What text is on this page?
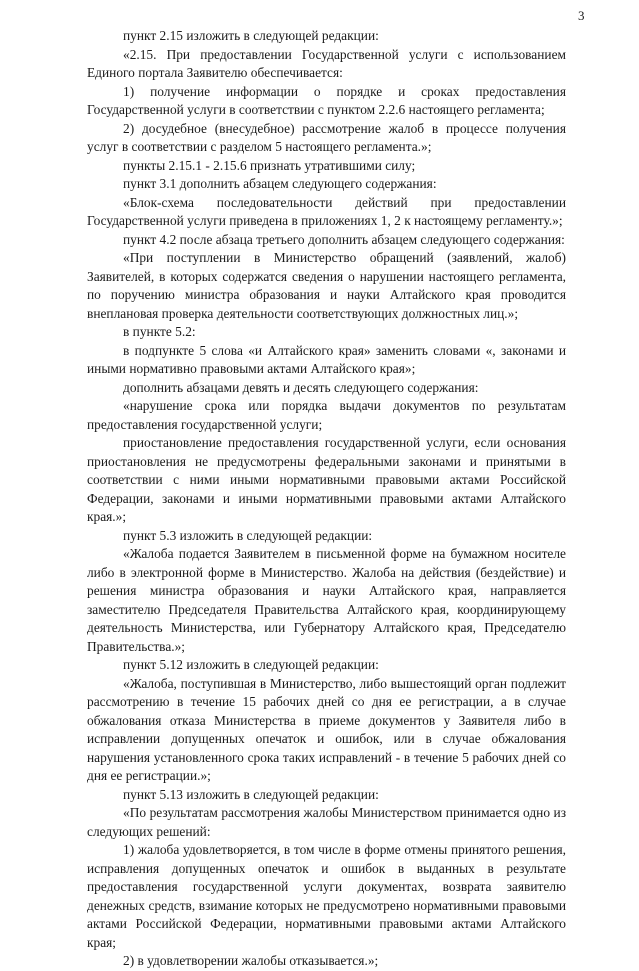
3

пункт 2.15 изложить в следующей редакции:

«2.15. При предоставлении Государственной услуги с использованием Единого портала Заявителю обеспечивается:

1) получение информации о порядке и сроках предоставления Государственной услуги в соответствии с пунктом 2.2.6 настоящего регламента;

2) досудебное (внесудебное) рассмотрение жалоб в процессе получения услуг в соответствии с разделом 5 настоящего регламента.»;

пункты 2.15.1 - 2.15.6 признать утратившими силу;

пункт 3.1 дополнить абзацем следующего содержания:

«Блок-схема последовательности действий при предоставлении Государственной услуги приведена в приложениях 1, 2 к настоящему регламенту.»;

пункт 4.2 после абзаца третьего дополнить абзацем следующего содержания:

«При поступлении в Министерство обращений (заявлений, жалоб) Заявителей, в которых содержатся сведения о нарушении настоящего регламента, по поручению министра образования и науки Алтайского края проводится внеплановая проверка деятельности соответствующих должностных лиц.»;

в пункте 5.2:

в подпункте 5 слова «и Алтайского края» заменить словами «, законами и иными нормативно правовыми актами Алтайского края»;

дополнить абзацами девять и десять следующего содержания:

«нарушение срока или порядка выдачи документов по результатам предоставления государственной услуги;

приостановление предоставления государственной услуги, если основания приостановления не предусмотрены федеральными законами и принятыми в соответствии с ними иными нормативными правовыми актами Российской Федерации, законами и иными нормативными правовыми актами Алтайского края.»;

пункт 5.3 изложить в следующей редакции:

«Жалоба подается Заявителем в письменной форме на бумажном носителе либо в электронной форме в Министерство. Жалоба на действия (бездействие) и решения министра образования и науки Алтайского края, направляется заместителю Председателя Правительства Алтайского края, координирующему деятельность Министерства, или Губернатору Алтайского края, Председателю Правительства.»;

пункт 5.12 изложить в следующей редакции:

«Жалоба, поступившая в Министерство, либо вышестоящий орган подлежит рассмотрению в течение 15 рабочих дней со дня ее регистрации, а в случае обжалования отказа Министерства в приеме документов у Заявителя либо в исправлении допущенных опечаток и ошибок, или в случае обжалования нарушения установленного срока таких исправлений - в течение 5 рабочих дней со дня ее регистрации.»;

пункт 5.13 изложить в следующей редакции:

«По результатам рассмотрения жалобы Министерством принимается одно из следующих решений:

1) жалоба удовлетворяется, в том числе в форме отмены принятого решения, исправления допущенных опечаток и ошибок в выданных в результате предоставления государственной услуги документах, возврата заявителю денежных средств, взимание которых не предусмотрено нормативными правовыми актами Российской Федерации, нормативными правовыми актами Алтайского края;

2) в удовлетворении жалобы отказывается.»;
